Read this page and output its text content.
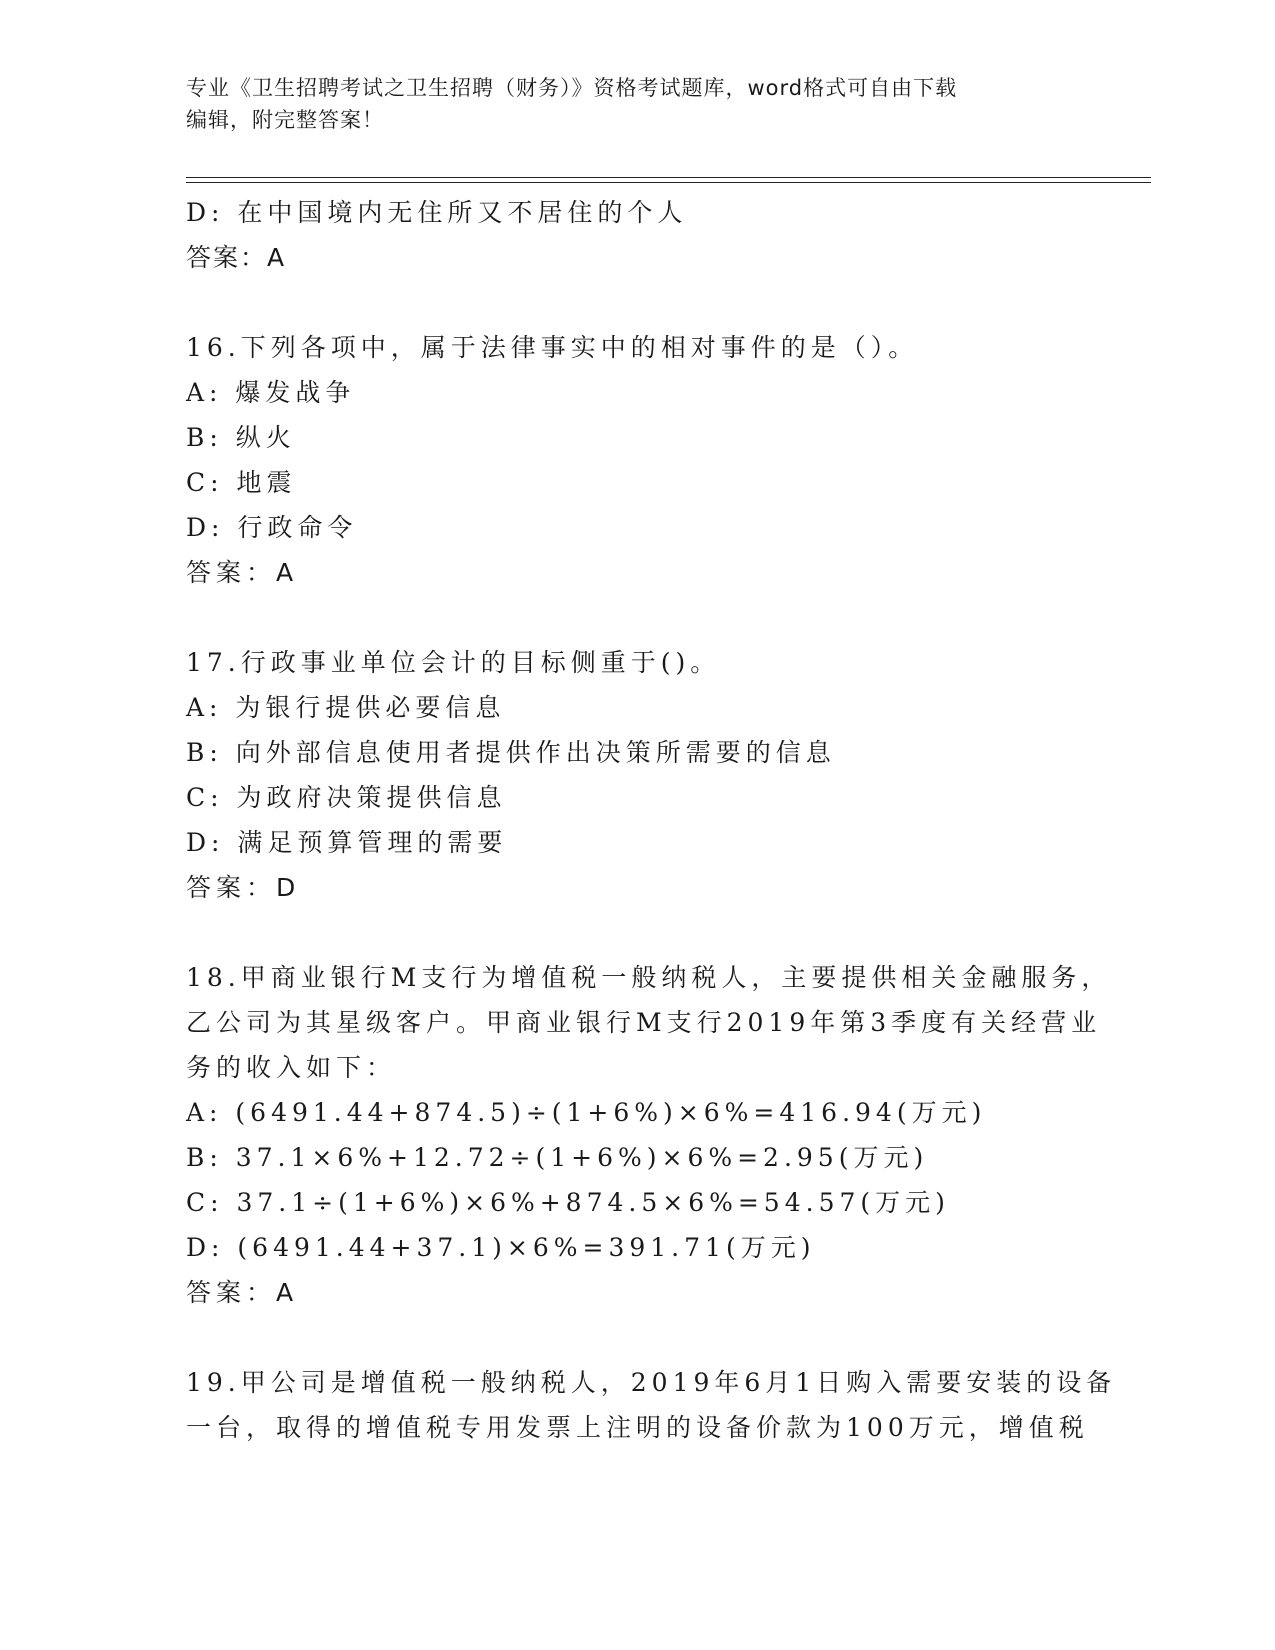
专业《卫生招聘考试之卫生招聘（财务）》资格考试题库，word格式可自由下载
编辑，附完整答案！
D: 在中国境内无住所又不居住的个人
答案：A
16.下列各项中，属于法律事实中的相对事件的是（）。
A: 爆发战争
B: 纵火
C: 地震
D: 行政命令
答案：A
17.行政事业单位会计的目标侧重于()。
A: 为银行提供必要信息
B: 向外部信息使用者提供作出决策所需要的信息
C: 为政府决策提供信息
D: 满足预算管理的需要
答案：D
18.甲商业银行M支行为增值税一般纳税人，主要提供相关金融服务，
乙公司为其星级客户。甲商业银行M支行2019年第3季度有关经营业
务的收入如下：
A: (6491.44+874.5)÷(1+6%)×6%=416.94(万元)
B: 37.1×6%+12.72÷(1+6%)×6%=2.95(万元)
C: 37.1÷(1+6%)×6%+874.5×6%=54.57(万元)
D: (6491.44+37.1)×6%=391.71(万元)
答案：A
19.甲公司是增值税一般纳税人，2019年6月1日购入需要安装的设备
一台，取得的增值税专用发票上注明的设备价款为100万元，增值税
